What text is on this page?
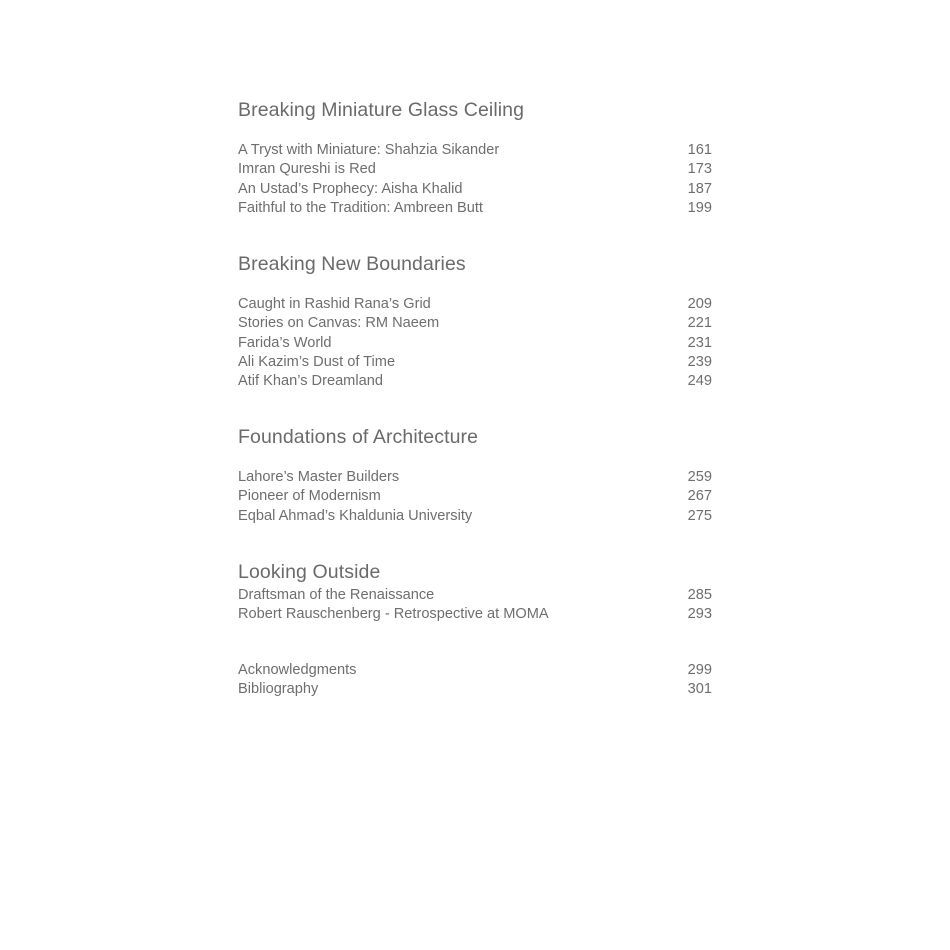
Breaking Miniature Glass Ceiling
A Tryst with Miniature: Shahzia Sikander	161
Imran Qureshi is Red	173
An Ustad’s Prophecy: Aisha Khalid	187
Faithful to the Tradition: Ambreen Butt	199
Breaking New Boundaries
Caught in Rashid Rana’s Grid	209
Stories on Canvas: RM Naeem	221
Farida’s World	231
Ali Kazim’s Dust of Time	239
Atif Khan’s Dreamland	249
Foundations of Architecture
Lahore’s Master Builders	259
Pioneer of Modernism	267
Eqbal Ahmad’s Khaldunia University	275
Looking Outside
Draftsman of the Renaissance	285
Robert Rauschenberg - Retrospective at MOMA	293
Acknowledgments	299
Bibliography	301
